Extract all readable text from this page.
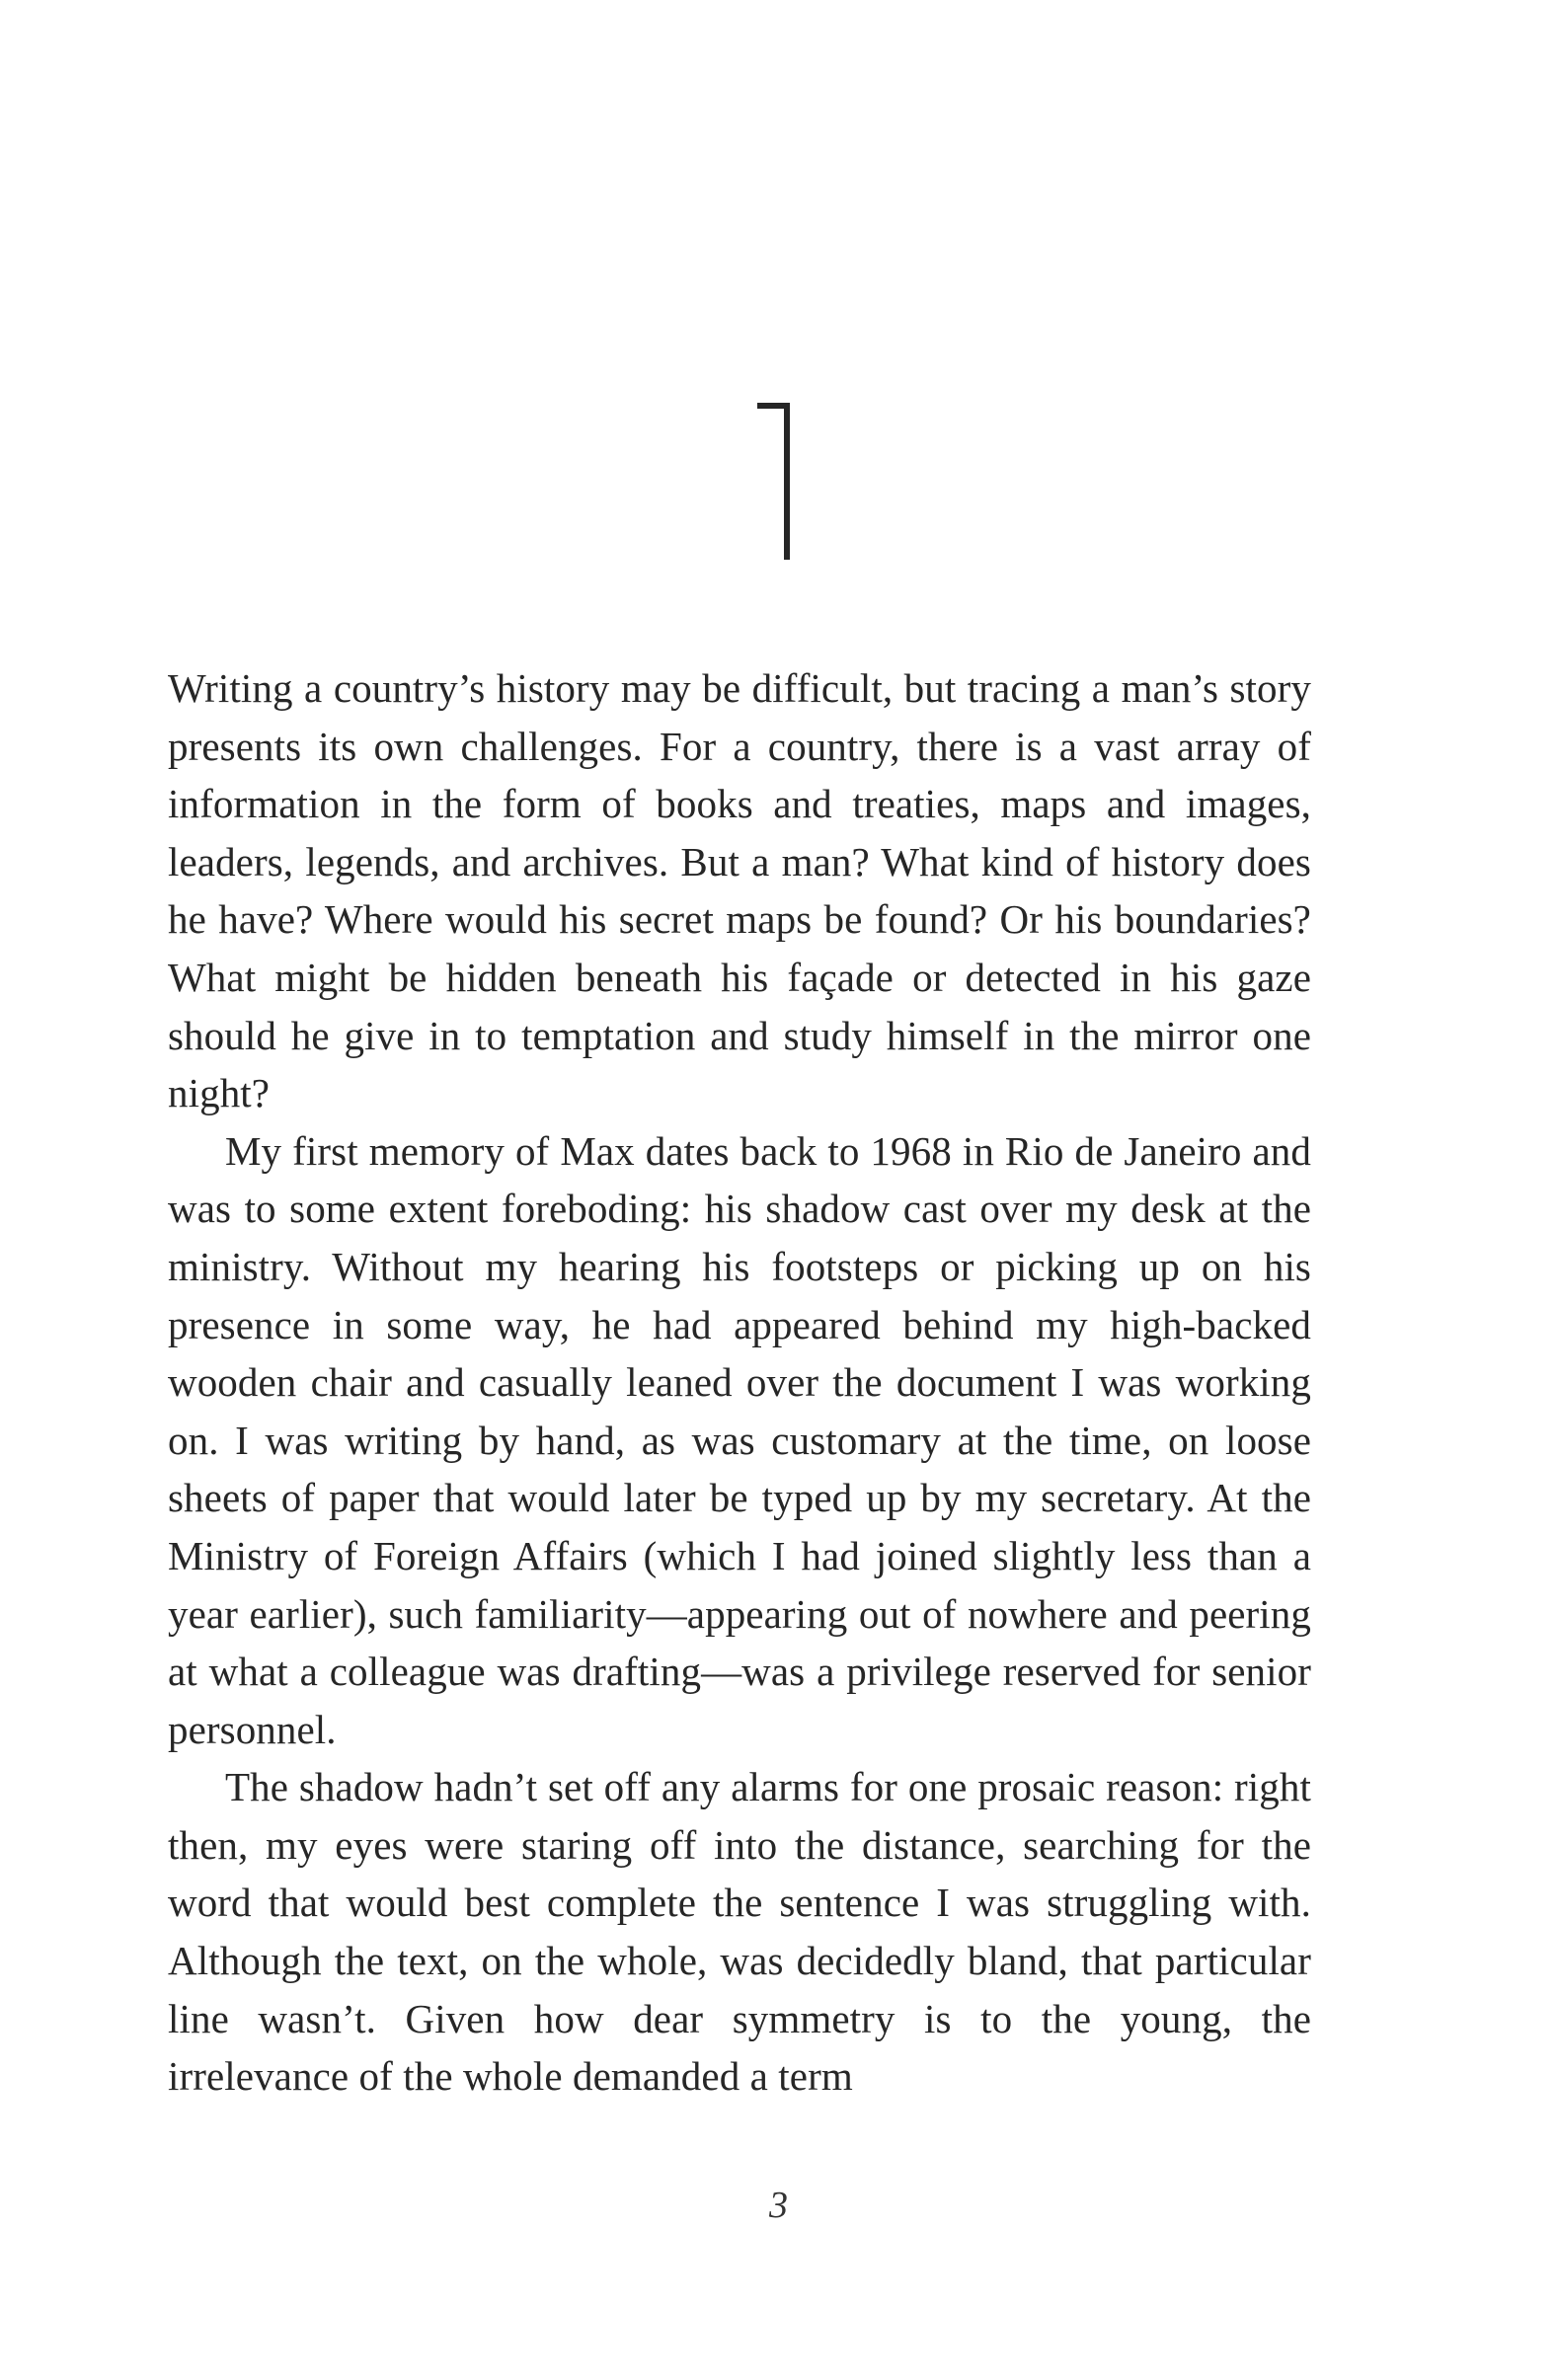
Writing a country’s history may be difficult, but tracing a man’s story presents its own challenges. For a country, there is a vast array of information in the form of books and treaties, maps and images, leaders, legends, and archives. But a man? What kind of history does he have? Where would his secret maps be found? Or his boundaries? What might be hidden beneath his façade or detected in his gaze should he give in to temptation and study himself in the mirror one night?

My first memory of Max dates back to 1968 in Rio de Janeiro and was to some extent foreboding: his shadow cast over my desk at the ministry. Without my hearing his footsteps or picking up on his presence in some way, he had appeared behind my high-backed wooden chair and casually leaned over the document I was working on. I was writing by hand, as was customary at the time, on loose sheets of paper that would later be typed up by my secretary. At the Ministry of Foreign Affairs (which I had joined slightly less than a year earlier), such familiarity—appearing out of nowhere and peering at what a colleague was drafting—was a privilege reserved for senior personnel.

The shadow hadn’t set off any alarms for one prosaic reason: right then, my eyes were staring off into the distance, searching for the word that would best complete the sentence I was struggling with. Although the text, on the whole, was decidedly bland, that particular line wasn’t. Given how dear symmetry is to the young, the irrelevance of the whole demanded a term

3
